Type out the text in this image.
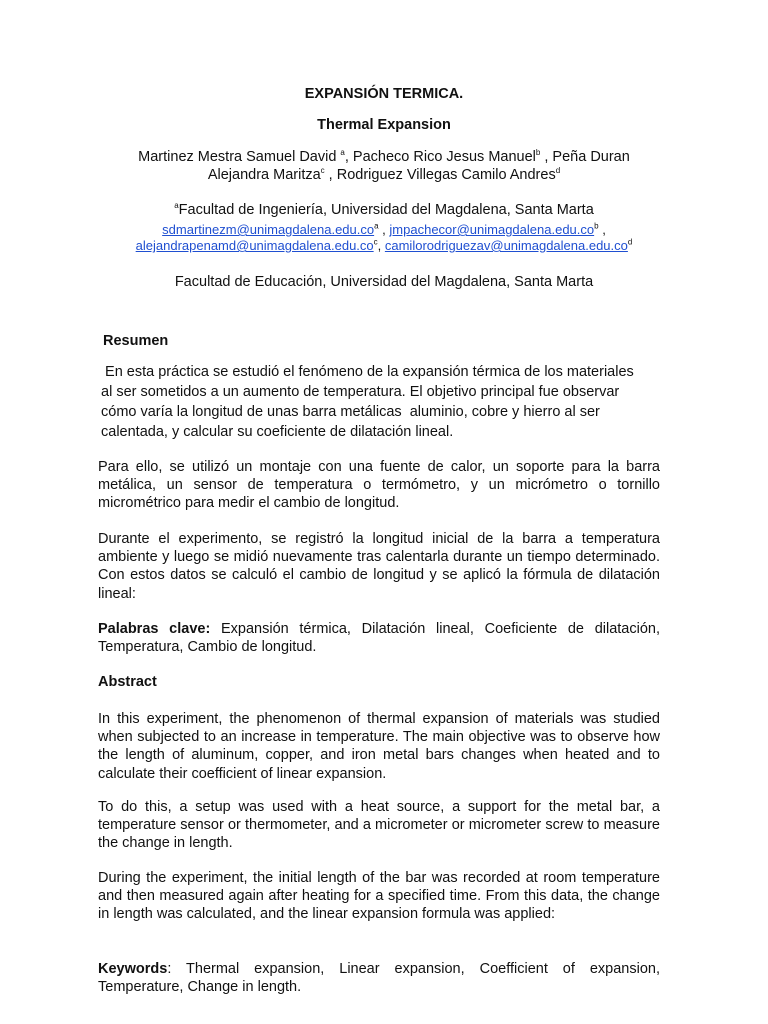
EXPANSIÓN TERMICA.
Thermal Expansion
Martinez Mestra Samuel David $^a$, Pacheco Rico Jesus Manuel$^b$ , Peña Duran
Alejandra Maritza$^c$ , Rodriguez Villegas Camilo Andres$^d$
$^a$Facultad de Ingeniería, Universidad del Magdalena, Santa Marta
$sdmartinezm@unimagdalena.edu.co^a$ , $jmpachecor@unimagdalena.edu.co^b$ ,
$alejandrapenamd@unimagdalena.edu.co^c$, $camilorodriguezav@unimagdalena.edu.co^d$
Facultad de Educación, Universidad del Magdalena, Santa Marta
Resumen
En esta práctica se estudió el fenómeno de la expansión térmica de los materiales
al ser sometidos a un aumento de temperatura. El objetivo principal fue observar
cómo varía la longitud de unas barra metálicas  aluminio, cobre y hierro al ser
calentada, y calcular su coeficiente de dilatación lineal.
Para ello, se utilizó un montaje con una fuente de calor, un soporte para la barra metálica, un sensor de temperatura o termómetro, y un micrómetro o tornillo micrométrico para medir el cambio de longitud.
Durante el experimento, se registró la longitud inicial de la barra a temperatura ambiente y luego se midió nuevamente tras calentarla durante un tiempo determinado. Con estos datos se calculó el cambio de longitud y se aplicó la fórmula de dilatación lineal:
Palabras clave: Expansión térmica, Dilatación lineal, Coeficiente de dilatación, Temperatura, Cambio de longitud.
Abstract
In this experiment, the phenomenon of thermal expansion of materials was studied when subjected to an increase in temperature. The main objective was to observe how the length of aluminum, copper, and iron metal bars changes when heated and to calculate their coefficient of linear expansion.
To do this, a setup was used with a heat source, a support for the metal bar, a temperature sensor or thermometer, and a micrometer or micrometer screw to measure the change in length.
During the experiment, the initial length of the bar was recorded at room temperature and then measured again after heating for a specified time. From this data, the change in length was calculated, and the linear expansion formula was applied:
Keywords: Thermal expansion, Linear expansion, Coefficient of expansion, Temperature, Change in length.
